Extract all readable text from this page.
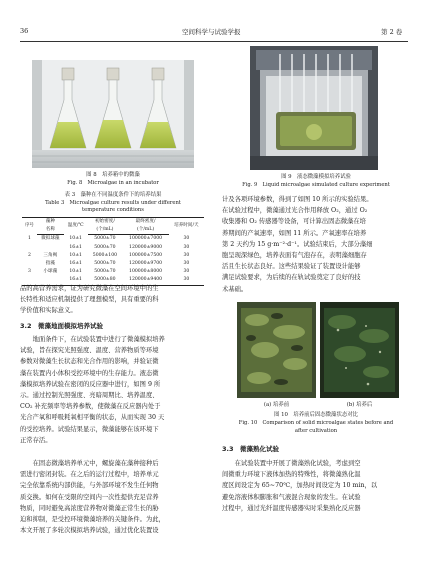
36	空间科学与试验学报	第 2 卷
图 8　培养箱中的微藻
Fig. 8　Microalgae in an incubator
表 3　藻种在不同温度条件下的培养结果
Table 3　Microalgae culture results under different
temperature conditions
序号	藻种	温度/℃	初始密度/	最终密度/	培养时间/天
	名称		(个/mL)	(个/mL)	
1	微拟球藻	10±1	5000±70	100000±7000	30
		16±1	5000±70	120000±9000	30
2	三角褐	10±1	5000±100	100000±7500	30
	指藻	16±1	5000±70	120000±9700	30
3	小球藻	10±1	5000±70	100000±8000	30
		16±1	5000±80	120000±9400	30
品的高营养需求，证为研究微藻在空间环境中的生
长特性和适应机制提供了理想模型，具有重要的科
学价值和实际意义。
3.2　微藻地面模拟培养试验
　　地面条件下，在试验装置中进行了微藻模拟培养
试验，旨在探究光照强度、温度、营养物质等环境
参数对微藻生长状态和光合作用的影响，并验证微
藻在装置内小体积受控环境中的生存能力。液态微
藻模拟培养试验在密闭的反应器中进行，如图 9 所
示。通过控制光照强度、亮暗周期比、培养温度、
CO₂ 补充频率等培养参数，使微藻在反应器内处于
光合产氧和呼吸耗氧相平衡的状态，从而实现 30 天
的受控培养。试验结果显示，微藻能够在该环境下
正常存活。
　　在固态微藻培养单元中，螺旋藻在藻种接种后
需进行密闭封装。在之后的运行过程中，培养单元
完全依靠系统内部供能，与外部环境不发生任何物
质交换。如何在受限的空间内一次性提供充足营养
物质，同时避免高浓度营养物对微藻正常生长的胁
迫和抑制，是受控环境微藻培养的关键条件。为此，
本文开展了多轮次模拟培养试验，通过优化装置设
图 9　液态微藻模拟培养试验
Fig. 9　Liquid microalgae simulated culture experiment
计及各项环境参数，得到了如图 10 所示的实验结果。
在试验过程中，微藻通过光合作用释放 O₂，通过 O₂
收集器和 O₂ 传感器等设备，可计算出固态微藻在培
养期间的产氧速率，如图 11 所示。产氧速率在培养
第 2 天约为 15 g·m⁻²·d⁻¹。试验结束后，大部分藻细
胞呈现深绿色，培养表面有气泡存在，表明藻细胞存
活且生长状态良好。这些结果验证了装置设计能够
满足试验要求，为后续的在轨试验奠定了良好的技
术基础。
(a) 培养前	(b) 培养后
图 10　培养前后固态微藻状态对比
Fig. 10　Comparison of solid microalgae states before and
after cultivation
3.3　微藻熟化试验
　　在试验装置中开展了微藻熟化试验，考虑到空
间微重力环境下液体加热的特殊性，将微藻熟化温
度区间设定为 65~70℃，加热时间设定为 10 min，以
避免溶液体积膨胀和气液混合现象的发生。在试验
过程中，通过光纤温度传感器实时采集熟化反应器
